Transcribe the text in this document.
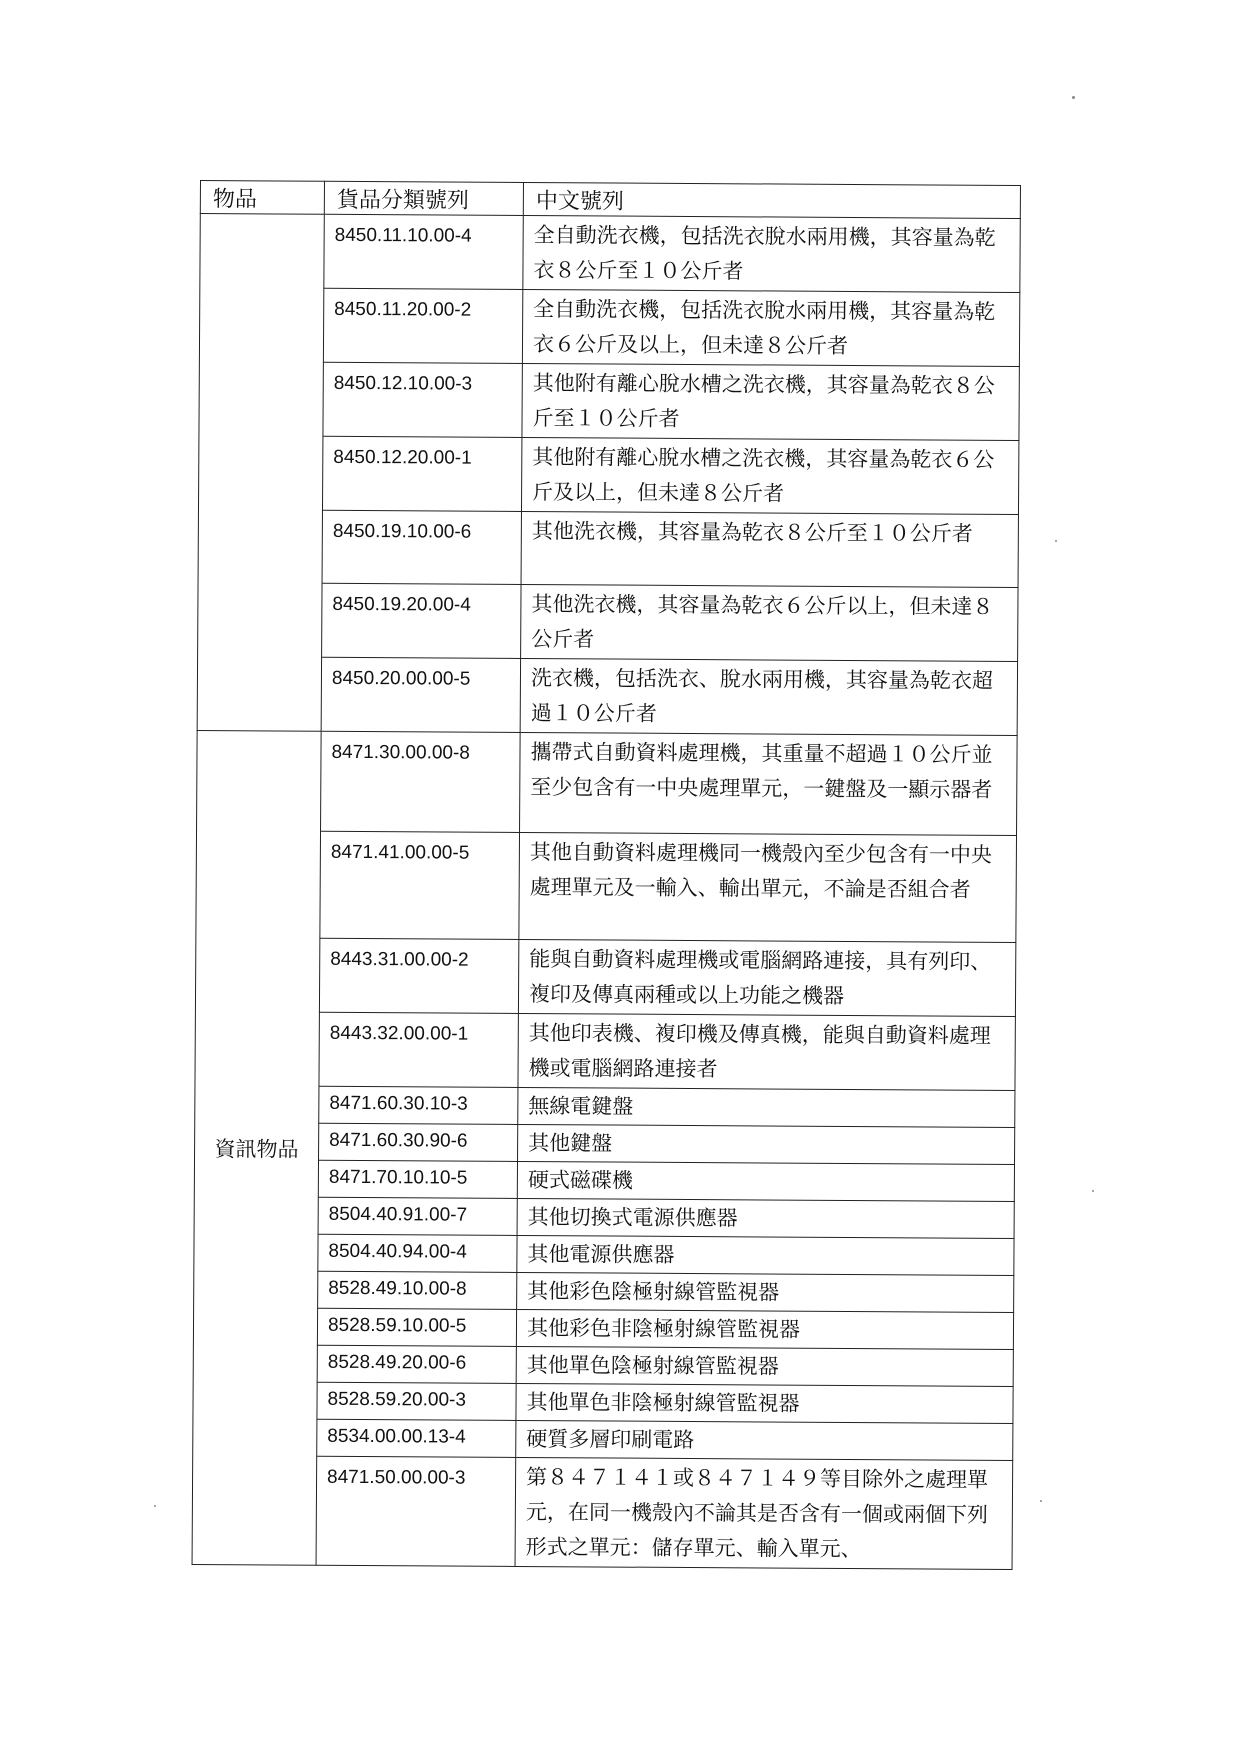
物品	貨品分類號列	中文號列
	8450.11.10.00-4	全自動洗衣機，包括洗衣脫水兩用機，其容量為乾衣８公斤至１０公斤者
	8450.11.20.00-2	全自動洗衣機，包括洗衣脫水兩用機，其容量為乾衣６公斤及以上，但未達８公斤者
	8450.12.10.00-3	其他附有離心脫水槽之洗衣機，其容量為乾衣８公斤至１０公斤者
	8450.12.20.00-1	其他附有離心脫水槽之洗衣機，其容量為乾衣６公斤及以上，但未達８公斤者
	8450.19.10.00-6	其他洗衣機，其容量為乾衣８公斤至１０公斤者
	8450.19.20.00-4	其他洗衣機，其容量為乾衣６公斤以上，但未達８公斤者
	8450.20.00.00-5	洗衣機，包括洗衣、脫水兩用機，其容量為乾衣超過１０公斤者
資訊物品	8471.30.00.00-8	攜帶式自動資料處理機，其重量不超過１０公斤並至少包含有一中央處理單元，一鍵盤及一顯示器者
	8471.41.00.00-5	其他自動資料處理機同一機殼內至少包含有一中央處理單元及一輸入、輸出單元，不論是否組合者
	8443.31.00.00-2	能與自動資料處理機或電腦網路連接，具有列印、複印及傳真兩種或以上功能之機器
	8443.32.00.00-1	其他印表機、複印機及傳真機，能與自動資料處理機或電腦網路連接者
	8471.60.30.10-3	無線電鍵盤
	8471.60.30.90-6	其他鍵盤
	8471.70.10.10-5	硬式磁碟機
	8504.40.91.00-7	其他切換式電源供應器
	8504.40.94.00-4	其他電源供應器
	8528.49.10.00-8	其他彩色陰極射線管監視器
	8528.59.10.00-5	其他彩色非陰極射線管監視器
	8528.49.20.00-6	其他單色陰極射線管監視器
	8528.59.20.00-3	其他單色非陰極射線管監視器
	8534.00.00.13-4	硬質多層印刷電路
	8471.50.00.00-3	第８４７１４１或８４７１４９等目除外之處理單元，在同一機殼內不論其是否含有一個或兩個下列形式之單元：儲存單元、輸入單元、
